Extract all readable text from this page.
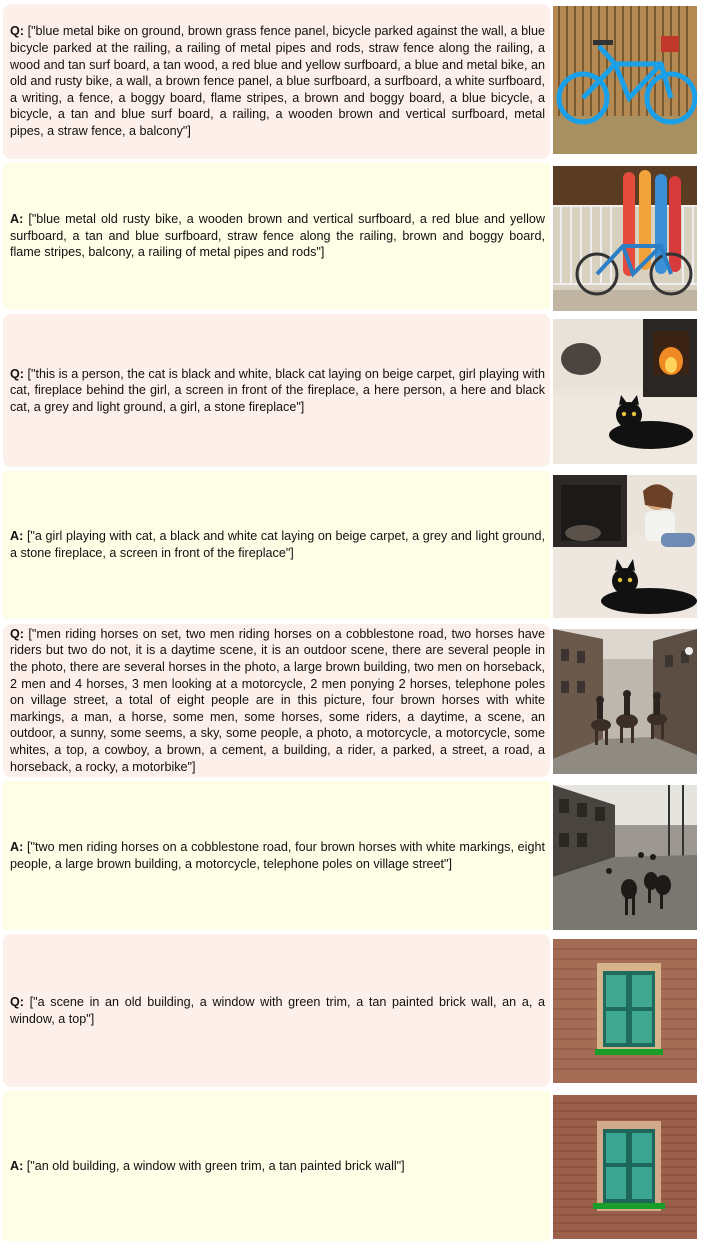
Q: ["blue metal bike on ground, brown grass fence panel, bicycle parked against the wall, a blue bicycle parked at the railing, a railing of metal pipes and rods, straw fence along the railing, a wood and tan surf board, a tan wood, a red blue and yellow surfboard, a blue and metal bike, an old and rusty bike, a wall, a brown fence panel, a blue surfboard, a surfboard, a white surfboard, a writing, a fence, a boggy board, flame stripes, a brown and boggy board, a blue bicycle, a bicycle, a tan and blue surf board, a railing, a wooden brown and vertical surfboard, metal pipes, a straw fence, a balcony"]
A: ["blue metal old rusty bike, a wooden brown and vertical surfboard, a red blue and yellow surfboard, a tan and blue surfboard, straw fence along the railing, brown and boggy board, flame stripes, balcony, a railing of metal pipes and rods"]
Q: ["this is a person, the cat is black and white, black cat laying on beige carpet, girl playing with cat, fireplace behind the girl, a screen in front of the fireplace, a here person, a here and black cat, a grey and light ground, a girl, a stone fireplace"]
A: ["a girl playing with cat, a black and white cat laying on beige carpet, a grey and light ground, a stone fireplace, a screen in front of the fireplace"]
Q: ["men riding horses on set, two men riding horses on a cobblestone road, two horses have riders but two do not, it is a daytime scene, it is an outdoor scene, there are several people in the photo, there are several horses in the photo, a large brown building, two men on horseback, 2 men and 4 horses, 3 men looking at a motorcycle, 2 men ponying 2 horses, telephone poles on village street, a total of eight people are in this picture, four brown horses with white markings, a man, a horse, some men, some horses, some riders, a daytime, a scene, an outdoor, a sunny, some seems, a sky, some people, a photo, a motorcycle, a motorcycle, some whites, a top, a cowboy, a brown, a cement, a building, a rider, a parked, a street, a road, a horseback, a rocky, a motorbike"]
A: ["two men riding horses on a cobblestone road, four brown horses with white markings, eight people, a large brown building, a motorcycle, telephone poles on village street"]
Q: ["a scene in an old building, a window with green trim, a tan painted brick wall, an a, a window, a top"]
A: ["an old building, a window with green trim, a tan painted brick wall"]
